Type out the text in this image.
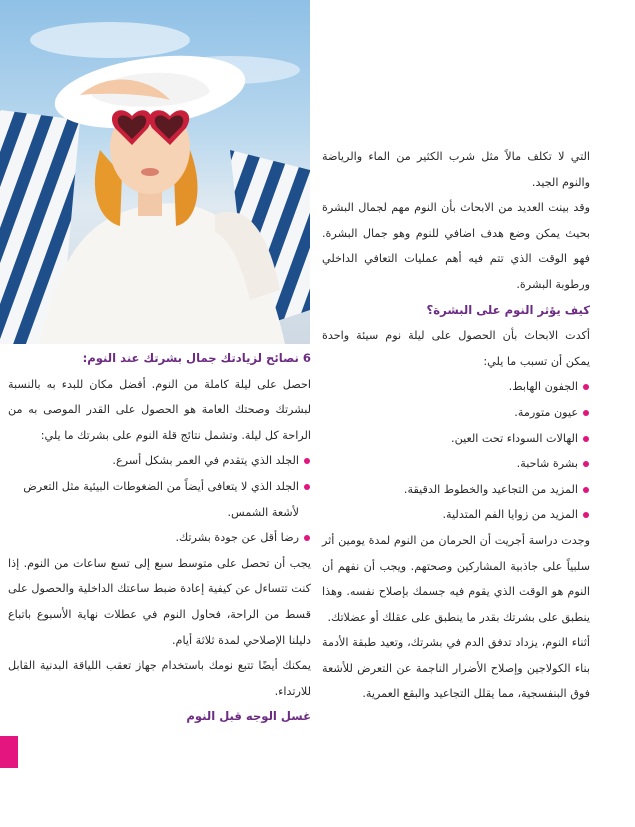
التي لا تكلف مالاً مثل شرب الكثير من الماء والرياضة والنوم الجيد.

وقد بينت العديد من الابحاث بأن النوم مهم لجمال البشرة بحيث يمكن وضع هدف اضافي للنوم وهو جمال البشرة. فهو الوقت الذي تتم فيه أهم عمليات التعافي الداخلي ورطوبة البشرة.

كيف يؤثر النوم على البشرة؟

أكدت الابحاث بأن الحصول على ليلة نوم سيئة واحدة يمكن أن تسبب ما يلي:

الجفون الهابط.
عيون متورمة.
الهالات السوداء تحت العين.
بشرة شاحبة.
المزيد من التجاعيد والخطوط الدقيقة.
المزيد من زوايا الفم المتدلية.

وجدت دراسة أجريت أن الحرمان من النوم لمدة يومين أثر سلبياً على جاذبية المشاركين وصحتهم. ويجب أن نفهم أن النوم هو الوقت الذي يقوم فيه جسمك بإصلاح نفسه. وهذا ينطبق على بشرتك بقدر ما ينطبق على عقلك أو عضلاتك.

أثناء النوم، يزداد تدفق الدم في بشرتك، وتعيد طبقة الأدمة بناء الكولاجين وإصلاح الأضرار الناجمة عن التعرض للأشعة فوق البنفسجية، مما يقلل التجاعيد والبقع العمرية.

6 نصائح لزيادتك جمال بشرتك عند النوم:

احصل على ليلة كاملة من النوم. أفضل مكان للبدء به بالنسبة لبشرتك وصحتك العامة هو الحصول على القدر الموصى به من الراحة كل ليلة. وتشمل نتائج قلة النوم على بشرتك ما يلي:

الجلد الذي يتقدم في العمر بشكل أسرع.
الجلد الذي لا يتعافى أيضاً من الضغوطات البيئية مثل التعرض لأشعة الشمس.
رضا أقل عن جودة بشرتك.

يجب أن تحصل على متوسط سبع إلى تسع ساعات من النوم. إذا كنت تتساءل عن كيفية إعادة ضبط ساعتك الداخلية والحصول على قسط من الراحة، فحاول النوم في عطلات نهاية الأسبوع باتباع دليلنا الإصلاحي لمدة ثلاثة أيام.

يمكنك أيضًا تتبع نومك باستخدام جهاز تعقب اللياقة البدنية القابل للارتداء.

غسل الوجه قبل النوم
